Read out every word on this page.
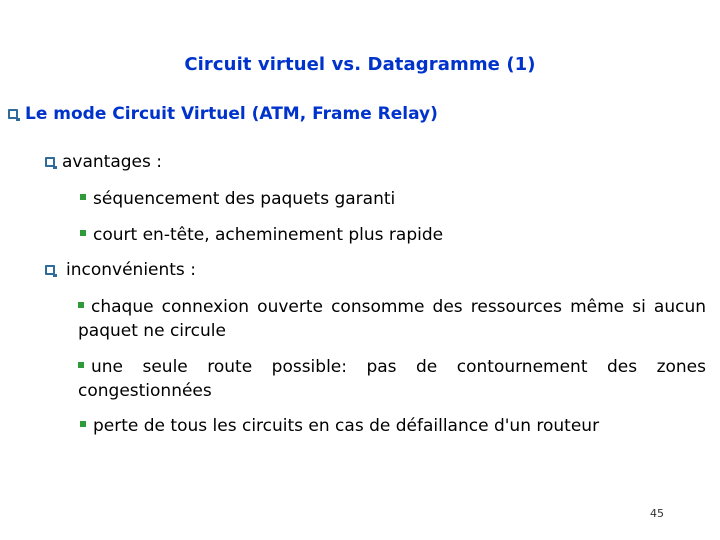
Circuit virtuel vs. Datagramme (1)
Le mode Circuit Virtuel (ATM, Frame Relay)
avantages :
séquencement des paquets garanti
court en-tête, acheminement plus rapide
inconvénients :
chaque connexion ouverte consomme des ressources même si aucun paquet ne circule
une seule route possible: pas de contournement des zones congestionnées
perte de tous les circuits en cas de défaillance d'un routeur
45
